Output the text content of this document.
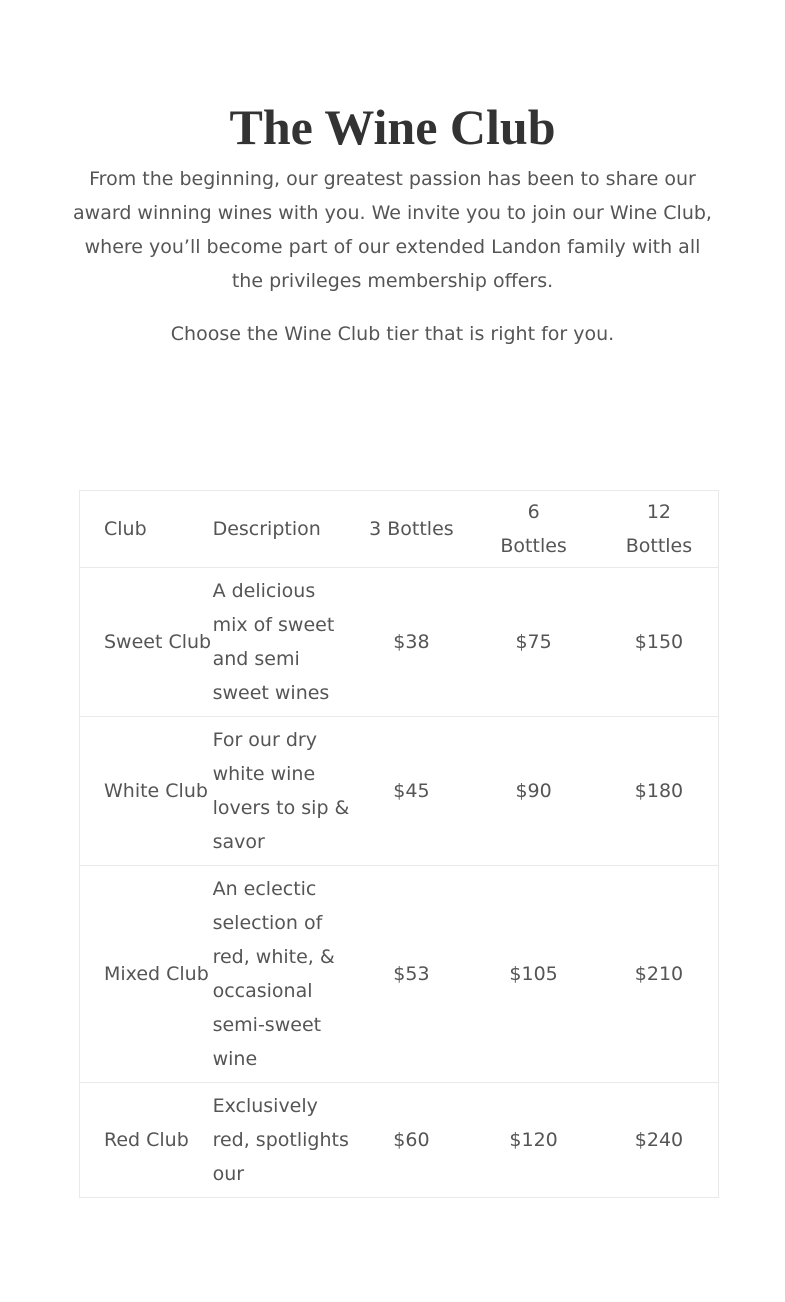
The Wine Club

From the beginning, our greatest passion has been to share our award winning wines with you. We invite you to join our Wine Club, where you’ll become part of our extended Landon family with all the privileges membership offers.

Choose the Wine Club tier that is right for you.

Club	Description	3 Bottles	6 Bottles	12 Bottles
Sweet Club	A delicious mix of sweet and semi sweet wines	$38	$75	$150
White Club	For our dry white wine lovers to sip & savor	$45	$90	$180
Mixed Club	An eclectic selection of red, white, & occasional semi-sweet wine	$53	$105	$210
Red Club	Exclusively red, spotlights our	$60	$120	$240
